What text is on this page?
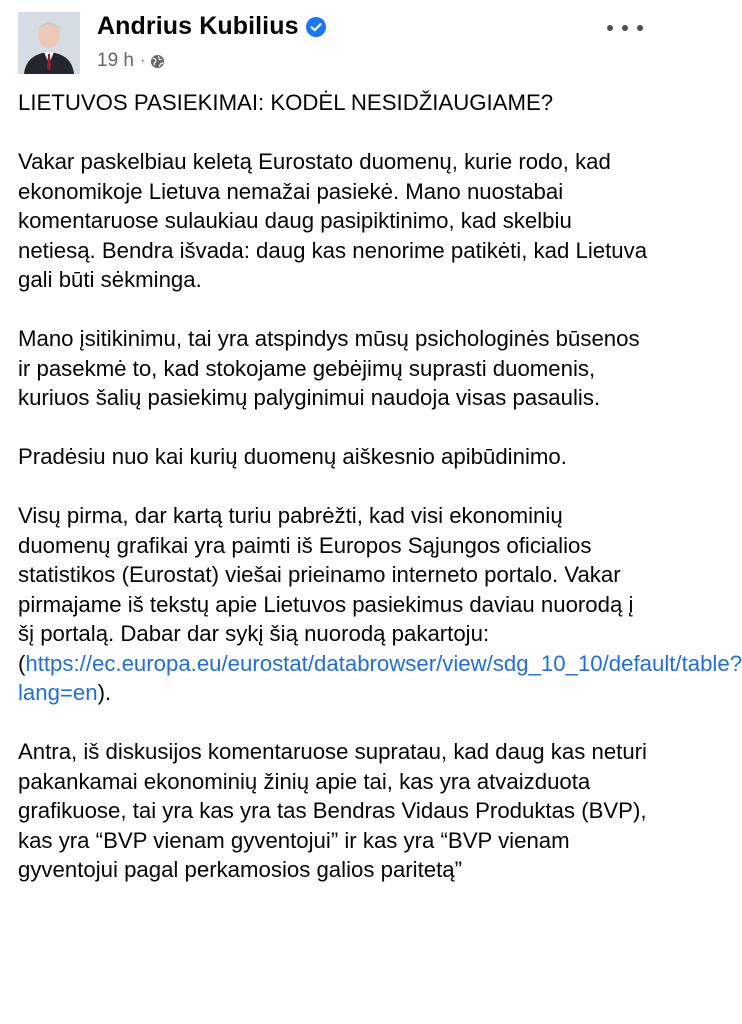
Andrius Kubilius
19 h ·

LIETUVOS PASIEKIMAI: KODĖL NESIDŽIAUGIAME?

Vakar paskelbiau keletą Eurostato duomenų, kurie rodo, kad ekonomikoje Lietuva nemažai pasiekė. Mano nuostabai komentaruose sulaukiau daug pasipiktinimo, kad skelbiu netiesą. Bendra išvada: daug kas nenorime patikėti, kad Lietuva gali būti sėkminga.

Mano įsitikinimu, tai yra atspindys mūsų psichologinės būsenos ir pasekmė to, kad stokojame gebėjimų suprasti duomenis, kuriuos šalių pasiekimų palyginimui naudoja visas pasaulis.

Pradėsiu nuo kai kurių duomenų aiškesnio apibūdinimo.

Visų pirma, dar kartą turiu pabrėžti, kad visi ekonominių duomenų grafikai yra paimti iš Europos Sąjungos oficialios statistikos (Eurostat) viešai prieinamo interneto portalo. Vakar pirmajame iš tekstų apie Lietuvos pasiekimus daviau nuorodą į šį portalą. Dabar dar sykį šią nuorodą pakartoju: (https://ec.europa.eu/eurostat/databrowser/view/sdg_10_10/default/table?lang=en).

Antra, iš diskusijos komentaruose supratau, kad daug kas neturi pakankamai ekonominių žinių apie tai, kas yra atvaizduota grafikuose, tai yra kas yra tas Bendras Vidaus Produktas (BVP), kas yra “BVP vienam gyventojui” ir kas yra “BVP vienam gyventojui pagal perkamosios galios paritetą”
